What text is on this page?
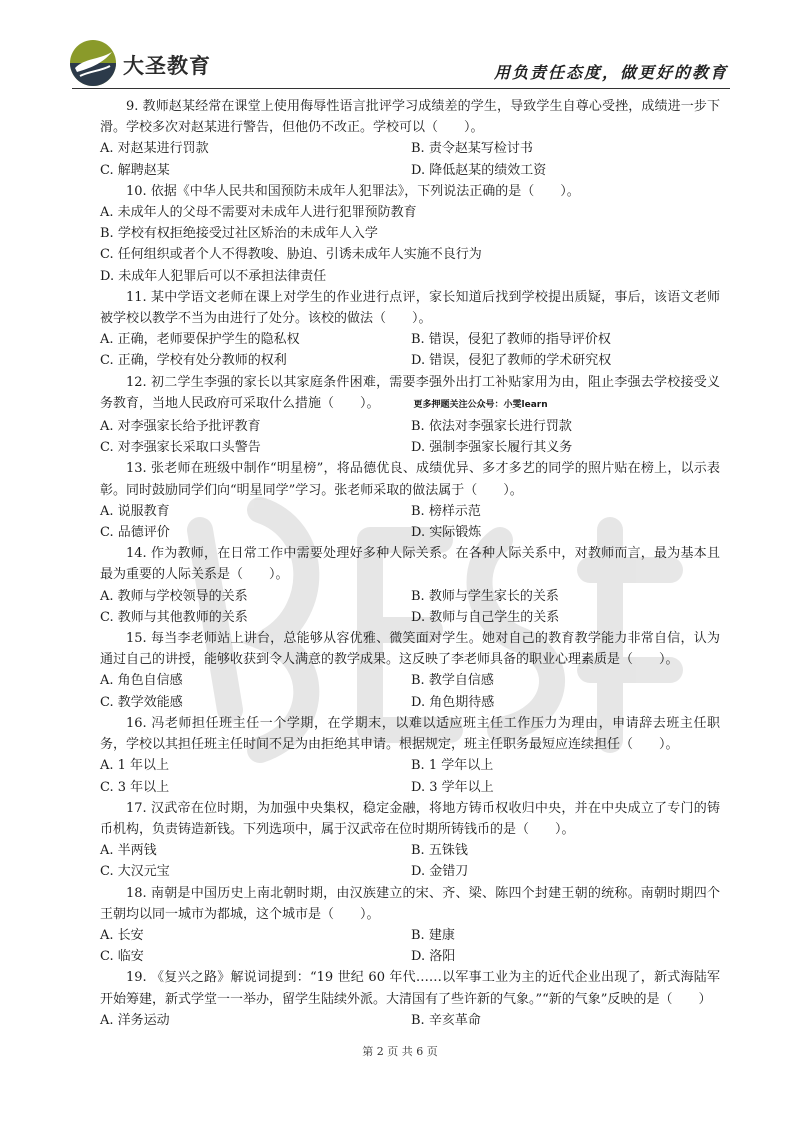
大圣教育	用负责任态度，做更好的教育

9. 教师赵某经常在课堂上使用侮辱性语言批评学习成绩差的学生，导致学生自尊心受挫，成绩进一步下滑。学校多次对赵某进行警告，但他仍不改正。学校可以（　　）。

A. 对赵某进行罚款	B. 责令赵某写检讨书
C. 解聘赵某	D. 降低赵某的绩效工资

10. 依据《中华人民共和国预防未成年人犯罪法》，下列说法正确的是（　　）。

A. 未成年人的父母不需要对未成年人进行犯罪预防教育
B. 学校有权拒绝接受过社区矫治的未成年人入学
C. 任何组织或者个人不得教唆、胁迫、引诱未成年人实施不良行为
D. 未成年人犯罪后可以不承担法律责任

11. 某中学语文老师在课上对学生的作业进行点评，家长知道后找到学校提出质疑，事后，该语文老师被学校以教学不当为由进行了处分。该校的做法（　　）。

A. 正确，老师要保护学生的隐私权	B. 错误，侵犯了教师的指导评价权
C. 正确，学校有处分教师的权利	D. 错误，侵犯了教师的学术研究权

12. 初二学生李强的家长以其家庭条件困难，需要李强外出打工补贴家用为由，阻止李强去学校接受义务教育，当地人民政府可采取什么措施（　　）。	更多押题关注公众号：小雯learn

A. 对李强家长给予批评教育	B. 依法对李强家长进行罚款
C. 对李强家长采取口头警告	D. 强制李强家长履行其义务

13. 张老师在班级中制作“明星榜”，将品德优良、成绩优异、多才多艺的同学的照片贴在榜上，以示表彰。同时鼓励同学们向“明星同学”学习。张老师采取的做法属于（　　）。

A. 说服教育	B. 榜样示范
C. 品德评价	D. 实际锻炼

14. 作为教师，在日常工作中需要处理好多种人际关系。在各种人际关系中，对教师而言，最为基本且最为重要的人际关系是（　　）。

A. 教师与学校领导的关系	B. 教师与学生家长的关系
C. 教师与其他教师的关系	D. 教师与自己学生的关系

15. 每当李老师站上讲台，总能够从容优雅、微笑面对学生。她对自己的教育教学能力非常自信，认为通过自己的讲授，能够收获到令人满意的教学成果。这反映了李老师具备的职业心理素质是（　　）。

A. 角色自信感	B. 教学自信感
C. 教学效能感	D. 角色期待感

16. 冯老师担任班主任一个学期，在学期末，以难以适应班主任工作压力为理由，申请辞去班主任职务，学校以其担任班主任时间不足为由拒绝其申请。根据规定，班主任职务最短应连续担任（　　）。

A. 1 年以上	B. 1 学年以上
C. 3 年以上	D. 3 学年以上

17. 汉武帝在位时期，为加强中央集权，稳定金融，将地方铸币权收归中央，并在中央成立了专门的铸币机构，负责铸造新钱。下列选项中，属于汉武帝在位时期所铸钱币的是（　　）。

A. 半两钱	B. 五铢钱
C. 大汉元宝	D. 金错刀

18. 南朝是中国历史上南北朝时期，由汉族建立的宋、齐、梁、陈四个封建王朝的统称。南朝时期四个王朝均以同一城市为都城，这个城市是（　　）。

A. 长安	B. 建康
C. 临安	D. 洛阳

19. 《复兴之路》解说词提到：“19 世纪 60 年代……以军事工业为主的近代企业出现了，新式海陆军开始筹建，新式学堂一一举办，留学生陆续外派。大清国有了些许新的气象。”“新的气象”反映的是（　　）

A. 洋务运动	B. 辛亥革命
第 2 页 共 6 页
